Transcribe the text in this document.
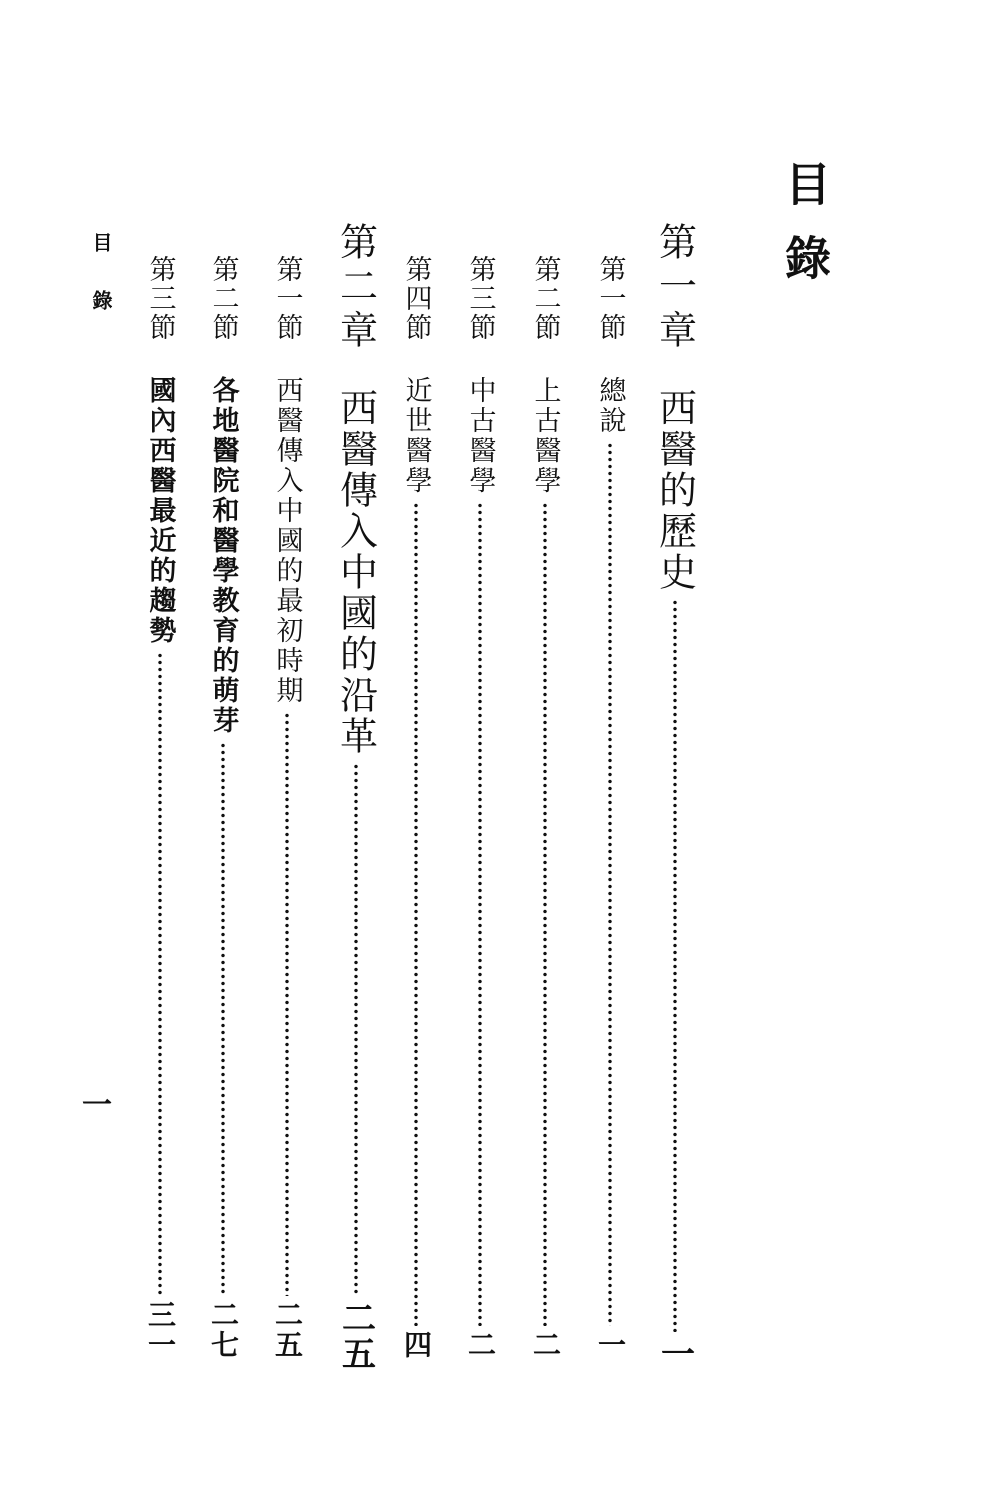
目錄
第一章
西醫的歷史
一
第一節
總說
一
第二節
上古醫學
二
第三節
中古醫學
二
第四節
近世醫學
四
第二章
西醫傳入中國的沿革
二五
第一節
西醫傳入中國的最初時期
二五
第二節
各地醫院和醫學教育的萌芽
二七
第三節
國內西醫最近的趨勢
三一
目錄
一
